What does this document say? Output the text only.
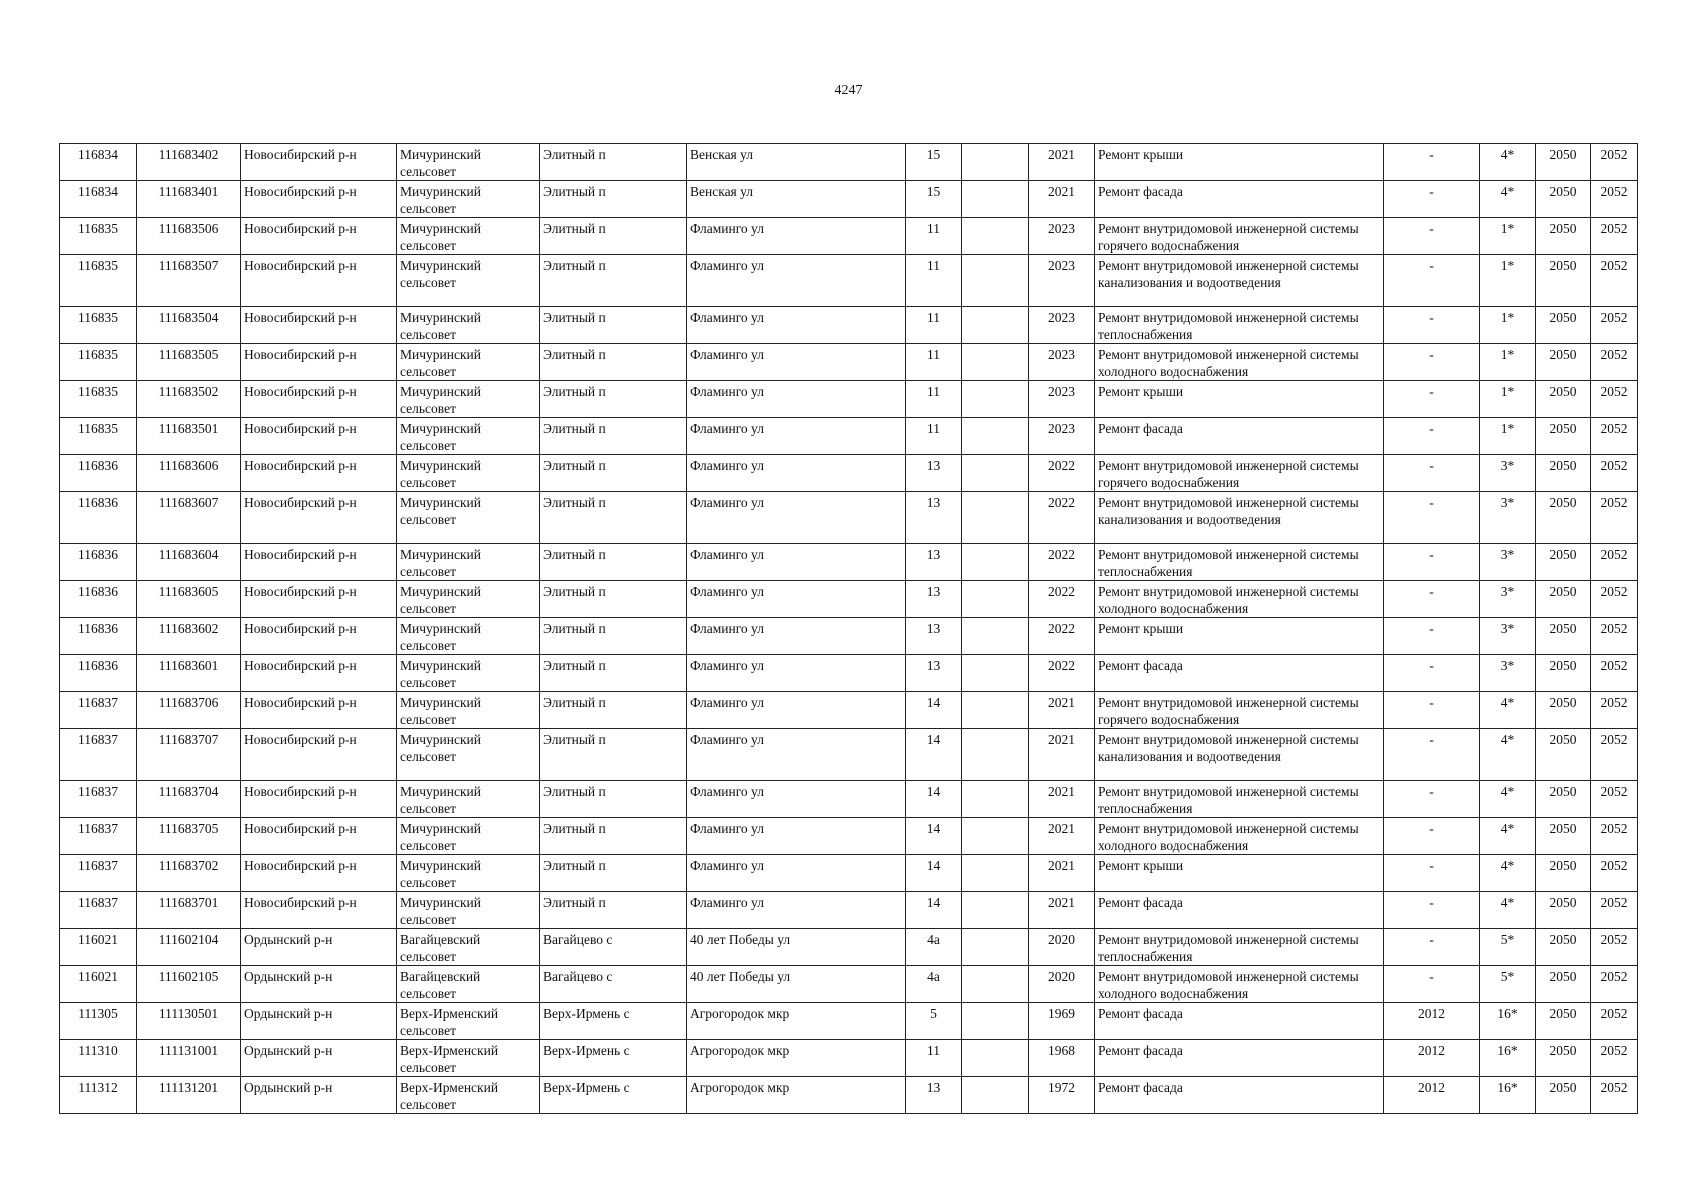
4247
116834	111683402	Новосибирский р-н	Мичуринский сельсовет	Элитный п	Венская ул	15		2021	Ремонт крыши	-	4*	2050	2052
116834	111683401	Новосибирский р-н	Мичуринский сельсовет	Элитный п	Венская ул	15		2021	Ремонт фасада	-	4*	2050	2052
116835	111683506	Новосибирский р-н	Мичуринский сельсовет	Элитный п	Фламинго ул	11		2023	Ремонт внутридомовой инженерной системы горячего водоснабжения	-	1*	2050	2052
116835	111683507	Новосибирский р-н	Мичуринский сельсовет	Элитный п	Фламинго ул	11		2023	Ремонт внутридомовой инженерной системы канализования и водоотведения	-	1*	2050	2052
116835	111683504	Новосибирский р-н	Мичуринский сельсовет	Элитный п	Фламинго ул	11		2023	Ремонт внутридомовой инженерной системы теплоснабжения	-	1*	2050	2052
116835	111683505	Новосибирский р-н	Мичуринский сельсовет	Элитный п	Фламинго ул	11		2023	Ремонт внутридомовой инженерной системы холодного водоснабжения	-	1*	2050	2052
116835	111683502	Новосибирский р-н	Мичуринский сельсовет	Элитный п	Фламинго ул	11		2023	Ремонт крыши	-	1*	2050	2052
116835	111683501	Новосибирский р-н	Мичуринский сельсовет	Элитный п	Фламинго ул	11		2023	Ремонт фасада	-	1*	2050	2052
116836	111683606	Новосибирский р-н	Мичуринский сельсовет	Элитный п	Фламинго ул	13		2022	Ремонт внутридомовой инженерной системы горячего водоснабжения	-	3*	2050	2052
116836	111683607	Новосибирский р-н	Мичуринский сельсовет	Элитный п	Фламинго ул	13		2022	Ремонт внутридомовой инженерной системы канализования и водоотведения	-	3*	2050	2052
116836	111683604	Новосибирский р-н	Мичуринский сельсовет	Элитный п	Фламинго ул	13		2022	Ремонт внутридомовой инженерной системы теплоснабжения	-	3*	2050	2052
116836	111683605	Новосибирский р-н	Мичуринский сельсовет	Элитный п	Фламинго ул	13		2022	Ремонт внутридомовой инженерной системы холодного водоснабжения	-	3*	2050	2052
116836	111683602	Новосибирский р-н	Мичуринский сельсовет	Элитный п	Фламинго ул	13		2022	Ремонт крыши	-	3*	2050	2052
116836	111683601	Новосибирский р-н	Мичуринский сельсовет	Элитный п	Фламинго ул	13		2022	Ремонт фасада	-	3*	2050	2052
116837	111683706	Новосибирский р-н	Мичуринский сельсовет	Элитный п	Фламинго ул	14		2021	Ремонт внутридомовой инженерной системы горячего водоснабжения	-	4*	2050	2052
116837	111683707	Новосибирский р-н	Мичуринский сельсовет	Элитный п	Фламинго ул	14		2021	Ремонт внутридомовой инженерной системы канализования и водоотведения	-	4*	2050	2052
116837	111683704	Новосибирский р-н	Мичуринский сельсовет	Элитный п	Фламинго ул	14		2021	Ремонт внутридомовой инженерной системы теплоснабжения	-	4*	2050	2052
116837	111683705	Новосибирский р-н	Мичуринский сельсовет	Элитный п	Фламинго ул	14		2021	Ремонт внутридомовой инженерной системы холодного водоснабжения	-	4*	2050	2052
116837	111683702	Новосибирский р-н	Мичуринский сельсовет	Элитный п	Фламинго ул	14		2021	Ремонт крыши	-	4*	2050	2052
116837	111683701	Новосибирский р-н	Мичуринский сельсовет	Элитный п	Фламинго ул	14		2021	Ремонт фасада	-	4*	2050	2052
116021	111602104	Ордынский р-н	Вагайцевский сельсовет	Вагайцево с	40 лет Победы ул	4а		2020	Ремонт внутридомовой инженерной системы теплоснабжения	-	5*	2050	2052
116021	111602105	Ордынский р-н	Вагайцевский сельсовет	Вагайцево с	40 лет Победы ул	4а		2020	Ремонт внутридомовой инженерной системы холодного водоснабжения	-	5*	2050	2052
111305	111130501	Ордынский р-н	Верх-Ирменский сельсовет	Верх-Ирмень с	Агрогородок мкр	5		1969	Ремонт фасада	2012	16*	2050	2052
111310	111131001	Ордынский р-н	Верх-Ирменский сельсовет	Верх-Ирмень с	Агрогородок мкр	11		1968	Ремонт фасада	2012	16*	2050	2052
111312	111131201	Ордынский р-н	Верх-Ирменский сельсовет	Верх-Ирмень с	Агрогородок мкр	13		1972	Ремонт фасада	2012	16*	2050	2052
